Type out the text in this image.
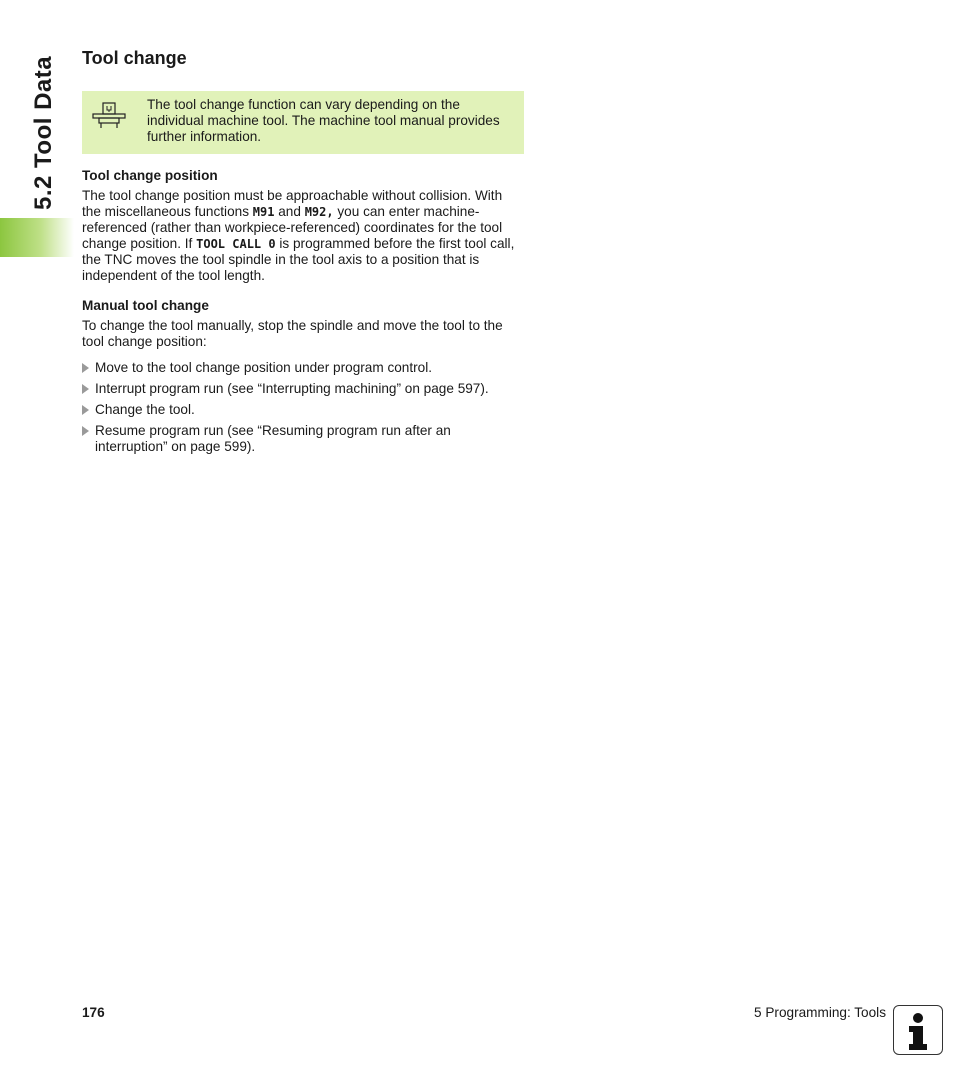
5.2 Tool Data Tool change
The tool change function can vary depending on the individual machine tool. The machine tool manual provides further information.
Tool change position

The tool change position must be approachable without collision. With the miscellaneous functions M91 and M92, you can enter machine-referenced (rather than workpiece-referenced) coordinates for the tool change position. If TOOL CALL 0 is programmed before the first tool call, the TNC moves the tool spindle in the tool axis to a position that is independent of the tool length.

Manual tool change

To change the tool manually, stop the spindle and move the tool to the tool change position:

Move to the tool change position under program control.
Interrupt program run (see “Interrupting machining” on page 597).
Change the tool.
Resume program run (see “Resuming program run after an interruption” on page 599).
176	5 Programming: Tools
